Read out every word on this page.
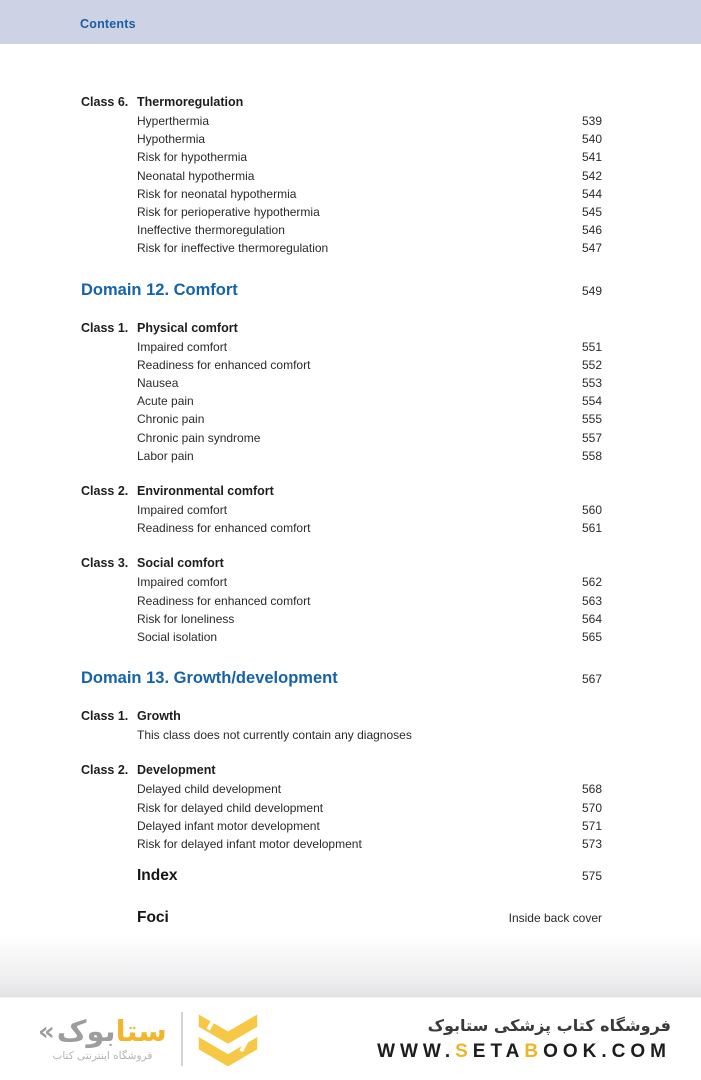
Contents
Class 6. Thermoregulation
Hyperthermia	539
Hypothermia	540
Risk for hypothermia	541
Neonatal hypothermia	542
Risk for neonatal hypothermia	544
Risk for perioperative hypothermia	545
Ineffective thermoregulation	546
Risk for ineffective thermoregulation	547
Domain 12. Comfort	549
Class 1. Physical comfort
Impaired comfort	551
Readiness for enhanced comfort	552
Nausea	553
Acute pain	554
Chronic pain	555
Chronic pain syndrome	557
Labor pain	558
Class 2. Environmental comfort
Impaired comfort	560
Readiness for enhanced comfort	561
Class 3. Social comfort
Impaired comfort	562
Readiness for enhanced comfort	563
Risk for loneliness	564
Social isolation	565
Domain 13. Growth/development	567
Class 1. Growth
This class does not currently contain any diagnoses
Class 2. Development
Delayed child development	568
Risk for delayed child development	570
Delayed infant motor development	571
Risk for delayed infant motor development	573
Index	575
Foci	Inside back cover
«	ستابوک
فروشگاه اینترنتی کتاب
فروشگاه کتاب پزشکی ستابوک
WWW.SETABOOK.COM
